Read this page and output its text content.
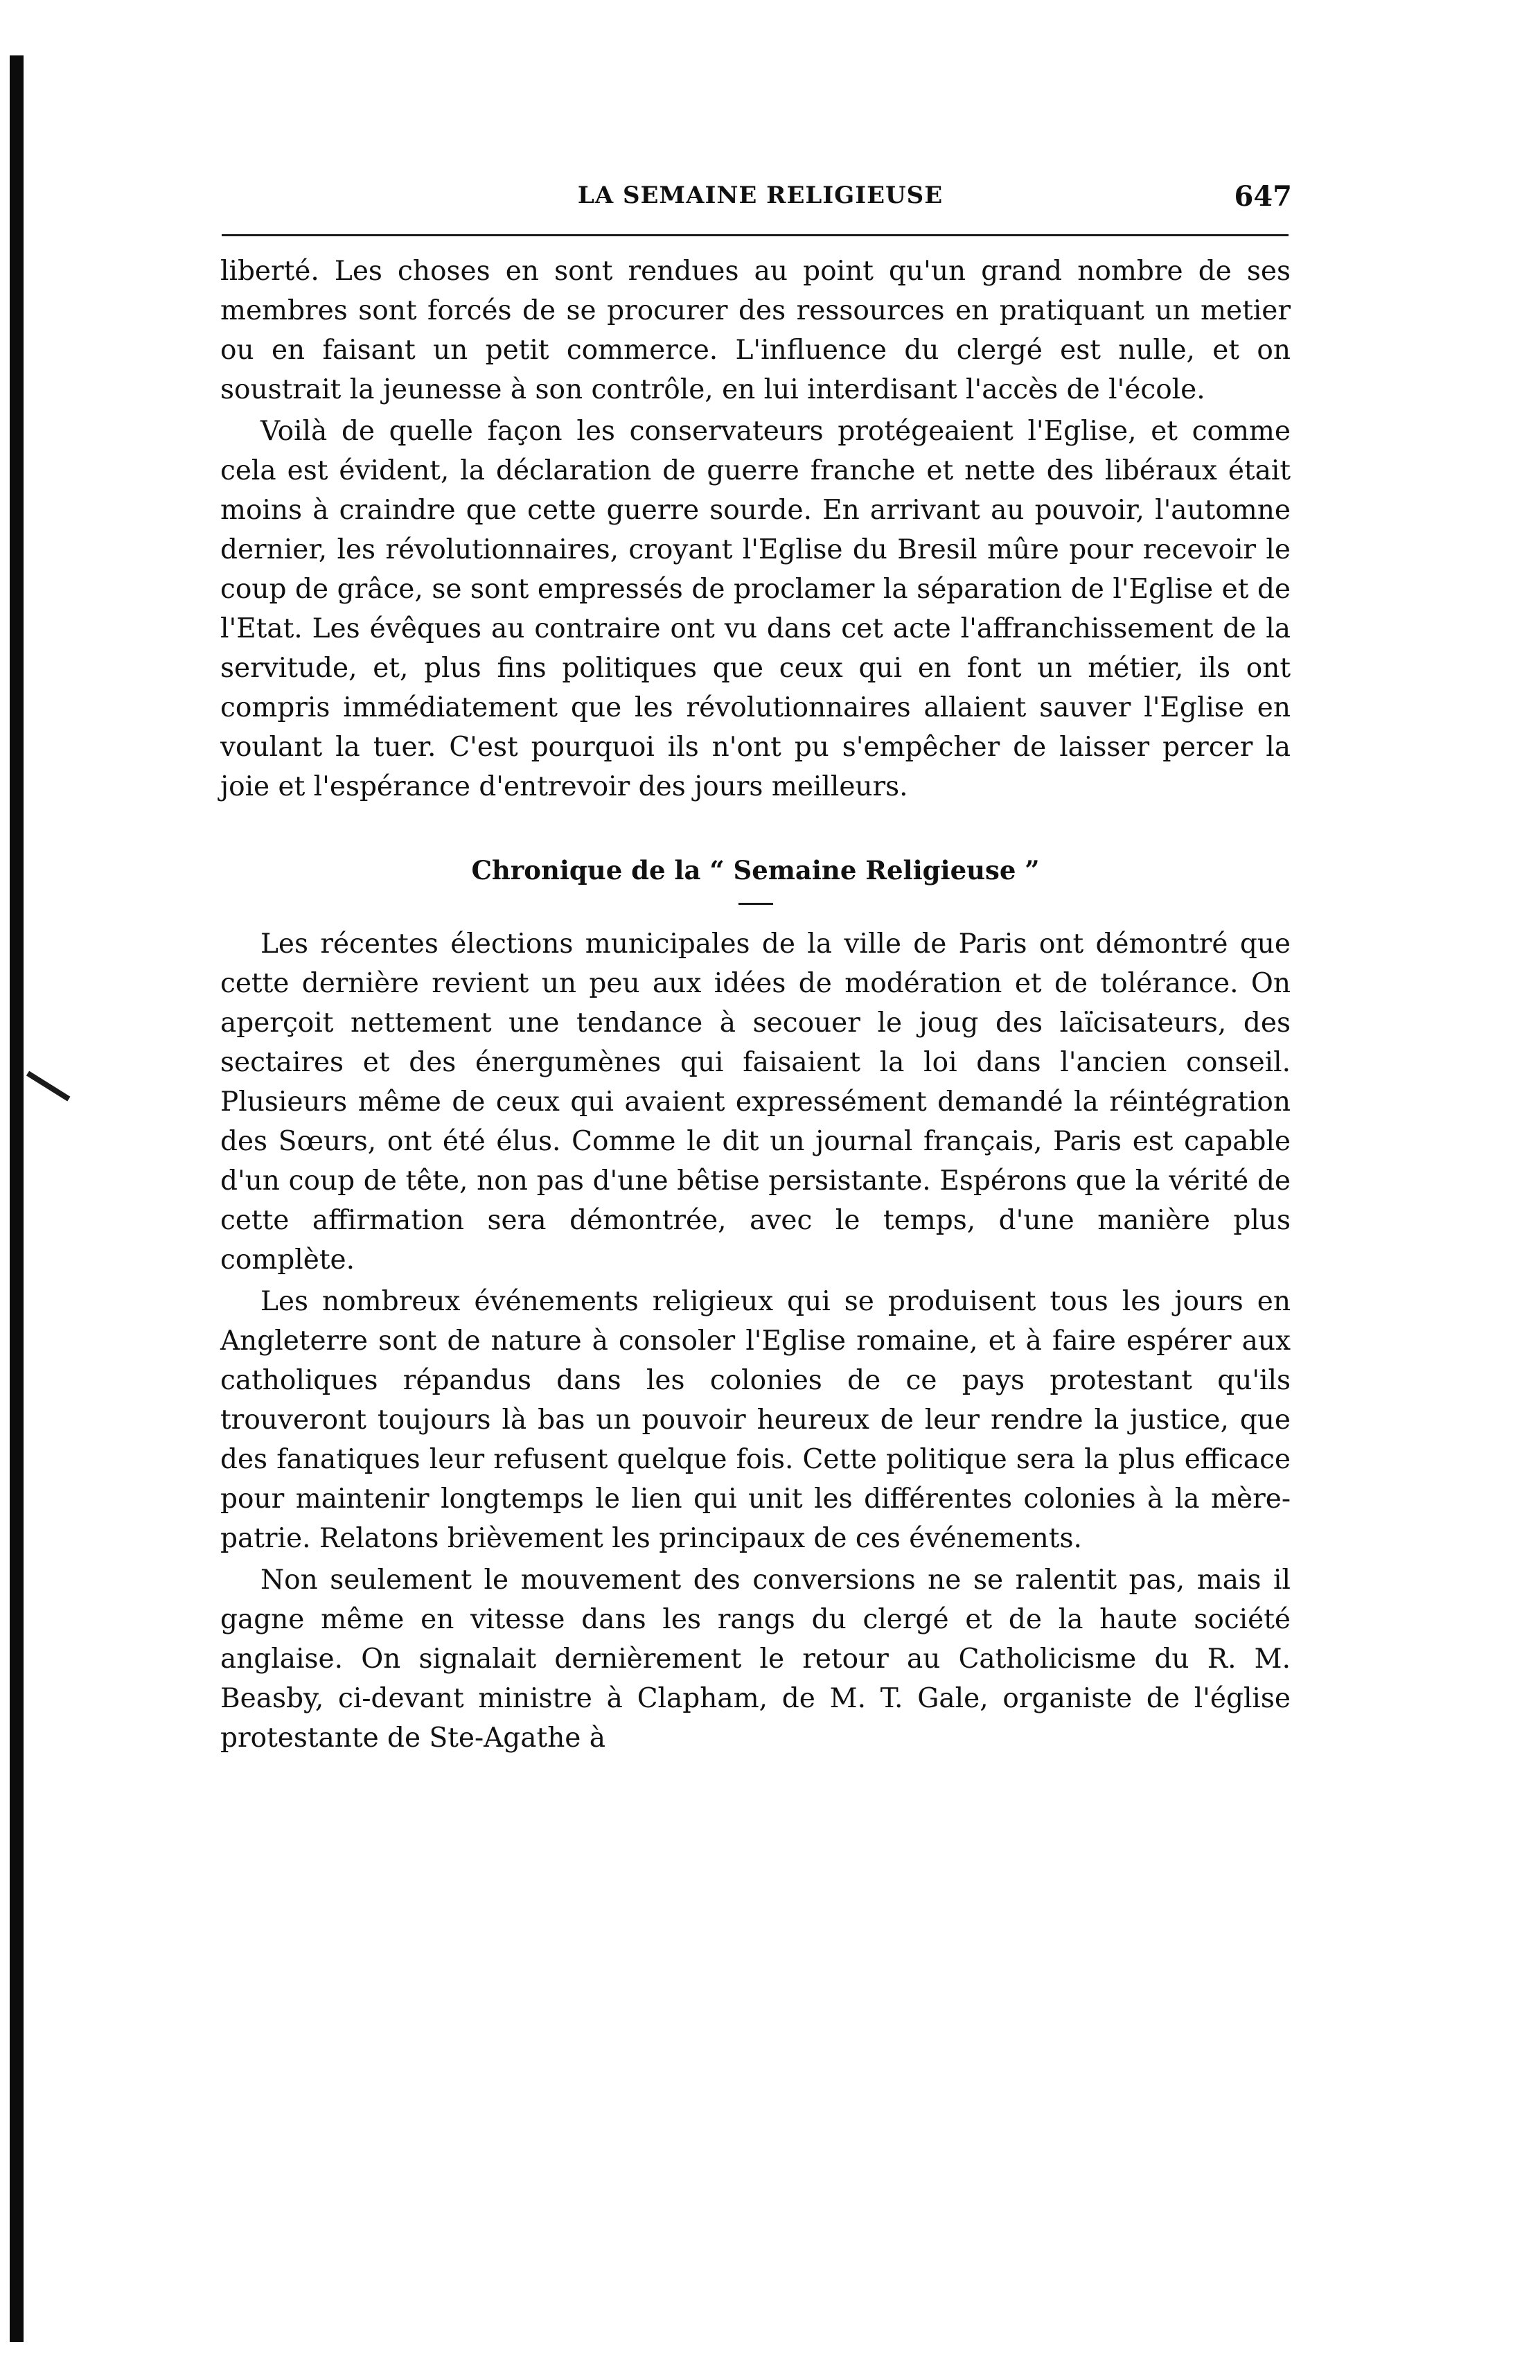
LA SEMAINE RELIGIEUSE	647

liberté. Les choses en sont rendues au point qu'un grand nombre de ses membres sont forcés de se procurer des ressources en pratiquant un metier ou en faisant un petit commerce. L'influence du clergé est nulle, et on soustrait la jeunesse à son contrôle, en lui interdisant l'accès de l'école.

Voilà de quelle façon les conservateurs protégeaient l'Eglise, et comme cela est évident, la déclaration de guerre franche et nette des libéraux était moins à craindre que cette guerre sourde. En arrivant au pouvoir, l'automne dernier, les révolutionnaires, croyant l'Eglise du Bresil mûre pour recevoir le coup de grâce, se sont empressés de proclamer la séparation de l'Eglise et de l'Etat. Les évêques au contraire ont vu dans cet acte l'affranchissement de la servitude, et, plus fins politiques que ceux qui en font un métier, ils ont compris immédiatement que les révolutionnaires allaient sauver l'Eglise en voulant la tuer. C'est pourquoi ils n'ont pu s'empêcher de laisser percer la joie et l'espérance d'entrevoir des jours meilleurs.

Chronique de la “ Semaine Religieuse ”

Les récentes élections municipales de la ville de Paris ont démontré que cette dernière revient un peu aux idées de modération et de tolérance. On aperçoit nettement une tendance à secouer le joug des laïcisateurs, des sectaires et des énergumènes qui faisaient la loi dans l'ancien conseil. Plusieurs même de ceux qui avaient expressément demandé la réintégration des Sœurs, ont été élus. Comme le dit un journal français, Paris est capable d'un coup de tête, non pas d'une bêtise persistante. Espérons que la vérité de cette affirmation sera démontrée, avec le temps, d'une manière plus complète.

Les nombreux événements religieux qui se produisent tous les jours en Angleterre sont de nature à consoler l'Eglise romaine, et à faire espérer aux catholiques répandus dans les colonies de ce pays protestant qu'ils trouveront toujours là bas un pouvoir heureux de leur rendre la justice, que des fanatiques leur refusent quelque fois. Cette politique sera la plus efficace pour maintenir longtemps le lien qui unit les différentes colonies à la mère-patrie. Relatons brièvement les principaux de ces événements.

Non seulement le mouvement des conversions ne se ralentit pas, mais il gagne même en vitesse dans les rangs du clergé et de la haute société anglaise. On signalait dernièrement le retour au Catholicisme du R. M. Beasby, ci-devant ministre à Clapham, de M. T. Gale, organiste de l'église protestante de Ste-Agathe à
